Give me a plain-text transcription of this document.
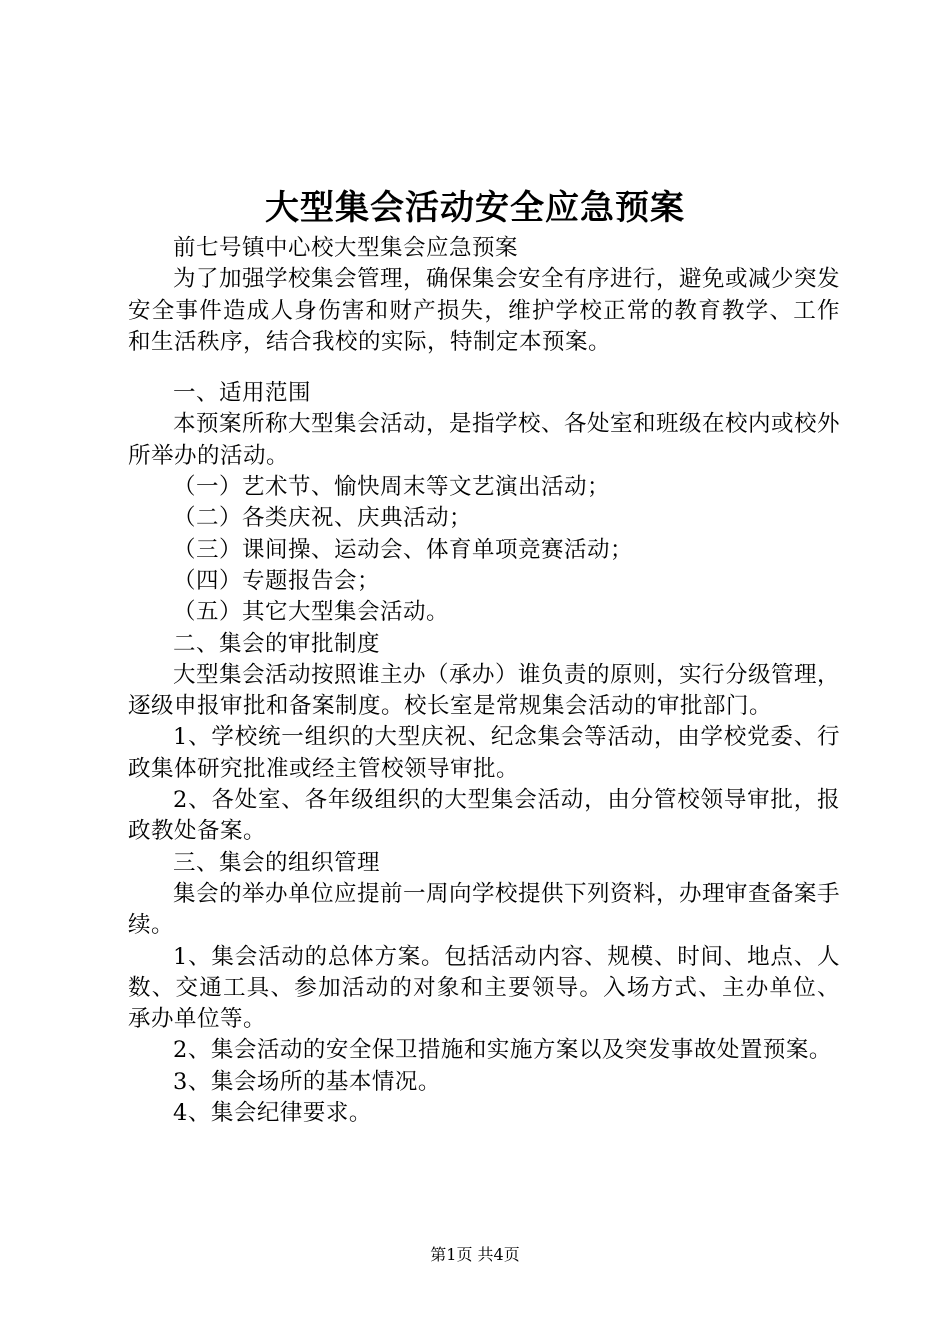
大型集会活动安全应急预案

前七号镇中心校大型集会应急预案

为了加强学校集会管理，确保集会安全有序进行，避免或减少突发安全事件造成人身伤害和财产损失，维护学校正常的教育教学、工作和生活秩序，结合我校的实际，特制定本预案。

一、适用范围

本预案所称大型集会活动，是指学校、各处室和班级在校内或校外所举办的活动。

（一）艺术节、愉快周末等文艺演出活动；

（二）各类庆祝、庆典活动；

（三）课间操、运动会、体育单项竞赛活动；

（四）专题报告会；

（五）其它大型集会活动。

二、集会的审批制度

大型集会活动按照谁主办（承办）谁负责的原则，实行分级管理，逐级申报审批和备案制度。校长室是常规集会活动的审批部门。

1、学校统一组织的大型庆祝、纪念集会等活动，由学校党委、行政集体研究批准或经主管校领导审批。

2、各处室、各年级组织的大型集会活动，由分管校领导审批，报政教处备案。

三、集会的组织管理

集会的举办单位应提前一周向学校提供下列资料，办理审查备案手续。

1、集会活动的总体方案。包括活动内容、规模、时间、地点、人数、交通工具、参加活动的对象和主要领导。入场方式、主办单位、承办单位等。

2、集会活动的安全保卫措施和实施方案以及突发事故处置预案。

3、集会场所的基本情况。

4、集会纪律要求。

第1页 共4页
